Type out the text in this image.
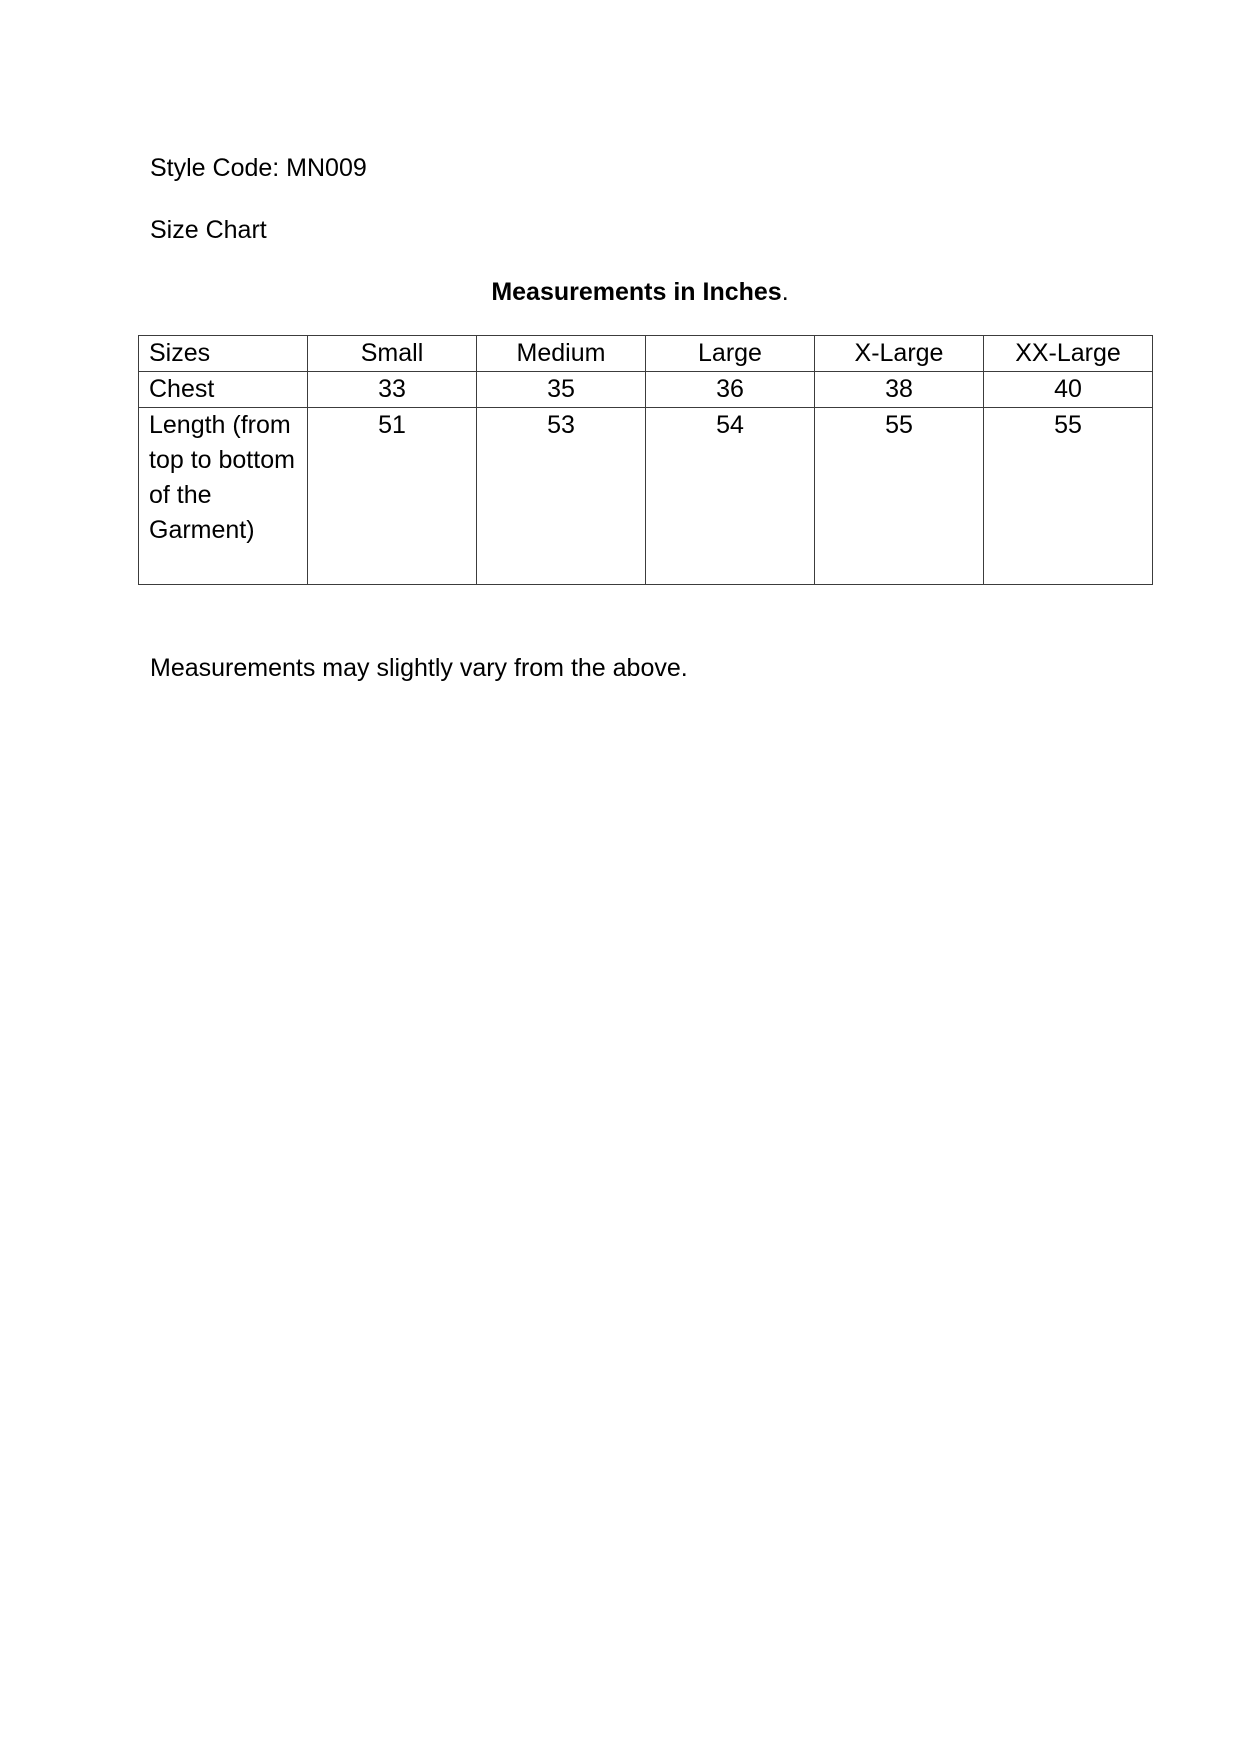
Style Code: MN009
Size Chart
Measurements in Inches.
Sizes	Small	Medium	Large	X-Large	XX-Large
Chest	33	35	36	38	40

Length (from top to bottom of the Garment)	51	53	54	55	55
Measurements may slightly vary from the above.
